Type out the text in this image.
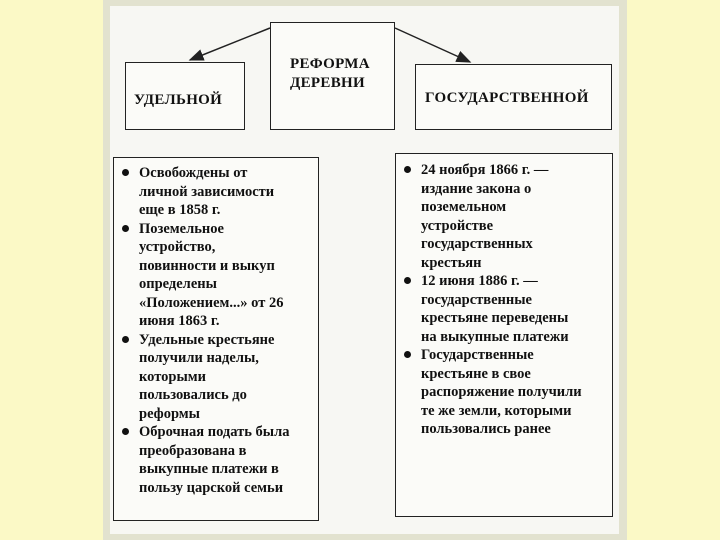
РЕФОРМА
ДЕРЕВНИ
УДЕЛЬНОЙ	ГОСУДАРСТВЕННОЙ
Освобождены от
личной зависимости
еще в 1858 г.
Поземельное
устройство,
повинности и выкуп
определены
«Положением...» от 26
июня 1863 г.
Удельные крестьяне
получили наделы,
которыми
пользовались до
реформы
Оброчная подать была
преобразована в
выкупные платежи в
пользу царской семьи
24 ноября 1866 г. —
издание закона о
поземельном
устройстве
государственных
крестьян
12 июня 1886 г. —
государственные
крестьяне переведены
на выкупные платежи
Государственные
крестьяне в свое
распоряжение получили
те же земли, которыми
пользовались ранее
